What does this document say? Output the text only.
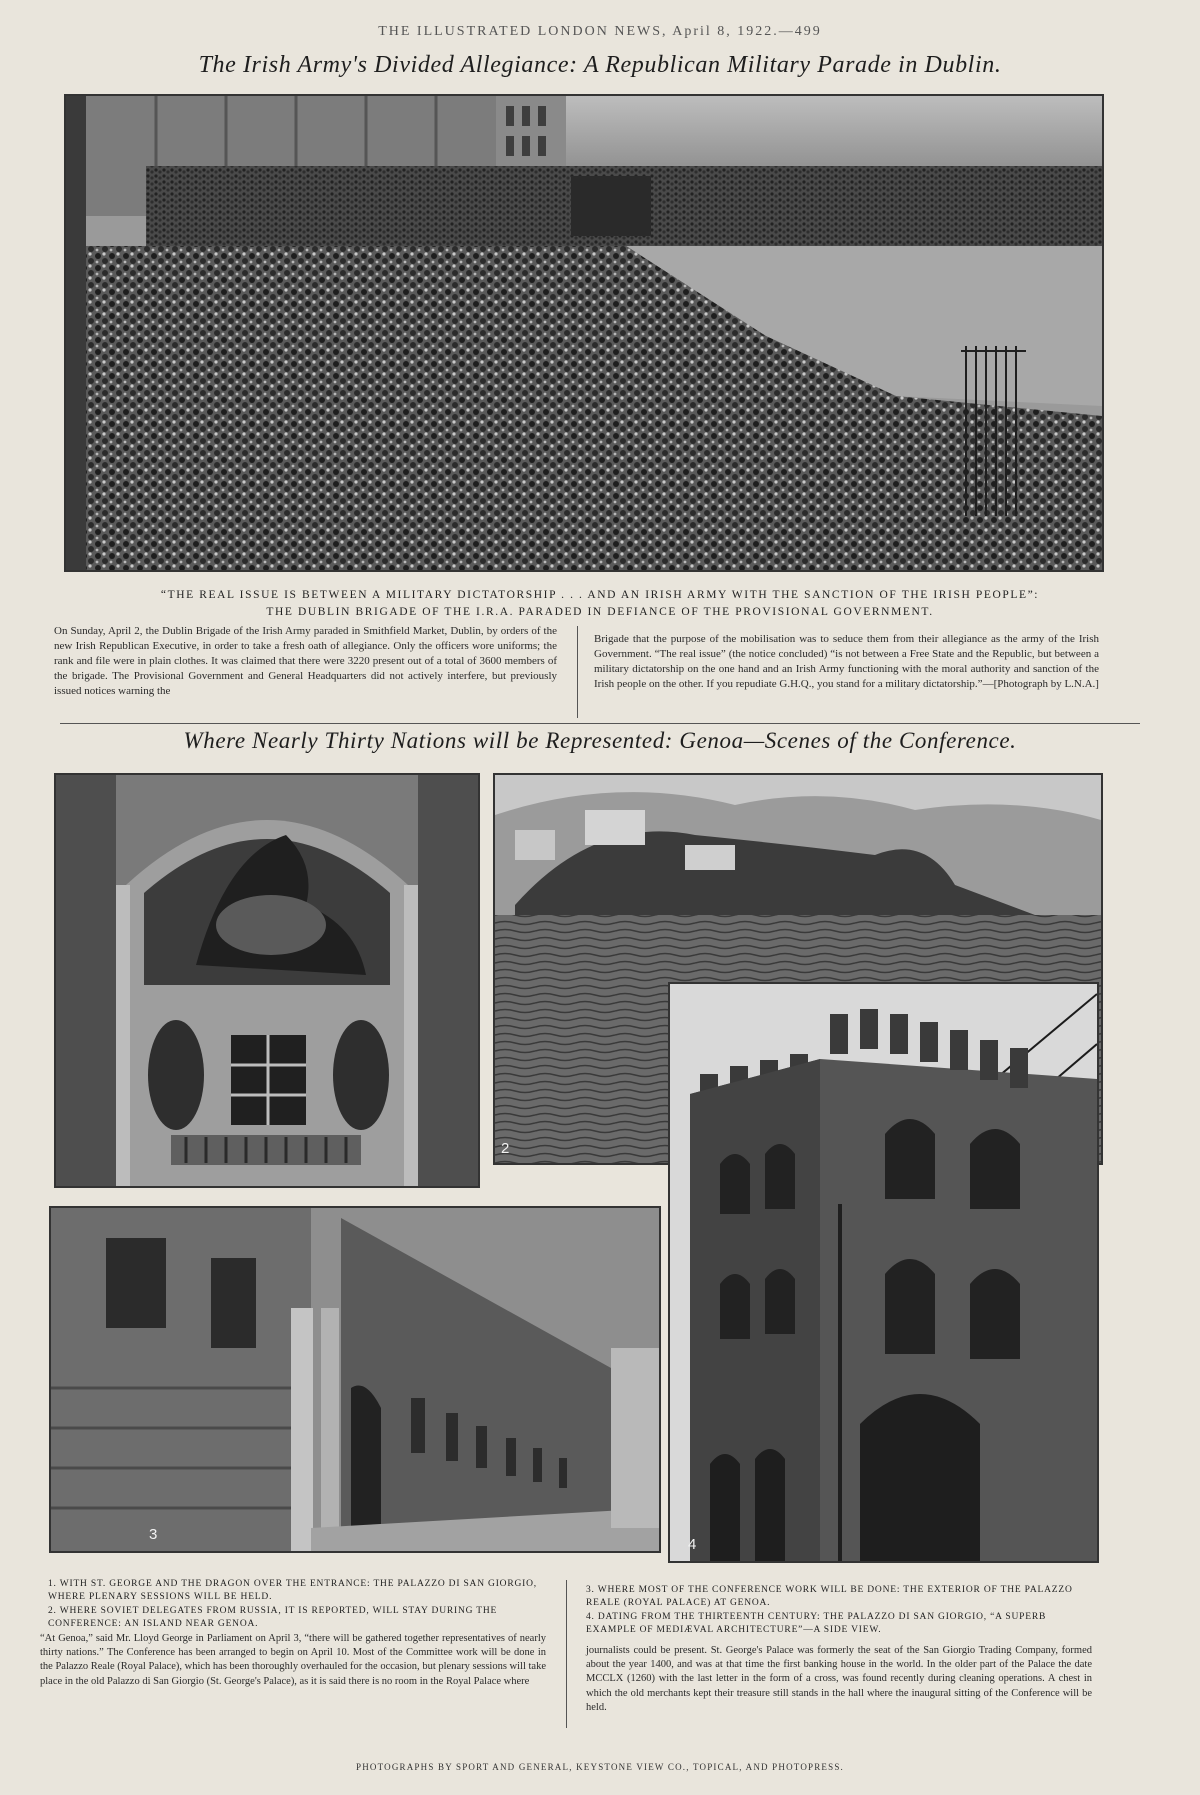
THE ILLUSTRATED LONDON NEWS, April 8, 1922.—499
The Irish Army's Divided Allegiance: A Republican Military Parade in Dublin.
“THE REAL ISSUE IS BETWEEN A MILITARY DICTATORSHIP . . . AND AN IRISH ARMY WITH THE SANCTION OF THE IRISH PEOPLE”:
THE DUBLIN BRIGADE OF THE I.R.A. PARADED IN DEFIANCE OF THE PROVISIONAL GOVERNMENT.
On Sunday, April 2, the Dublin Brigade of the Irish Army paraded in Smithfield Market, Dublin, by orders of the new Irish Republican Executive, in order to take a fresh oath of allegiance. Only the officers wore uniforms; the rank and file were in plain clothes. It was claimed that there were 3220 present out of a total of 3600 members of the brigade. The Provisional Government and General Headquarters did not actively interfere, but previously issued notices warning the
Brigade that the purpose of the mobilisation was to seduce them from their allegiance as the army of the Irish Government. “The real issue” (the notice concluded) “is not between a Free State and the Republic, but between a military dictatorship on the one hand and an Irish Army functioning with the moral authority and sanction of the Irish people on the other. If you repudiate G.H.Q., you stand for a military dictatorship.”—[Photograph by L.N.A.]
Where Nearly Thirty Nations will be Represented: Genoa—Scenes of the Conference.
2
3
4
1. WITH ST. GEORGE AND THE DRAGON OVER THE ENTRANCE: THE PALAZZO DI SAN GIORGIO, WHERE PLENARY SESSIONS WILL BE HELD.
2. WHERE SOVIET DELEGATES FROM RUSSIA, IT IS REPORTED, WILL STAY DURING THE CONFERENCE: AN ISLAND NEAR GENOA.
3. WHERE MOST OF THE CONFERENCE WORK WILL BE DONE: THE EXTERIOR OF THE PALAZZO REALE (ROYAL PALACE) AT GENOA.
4. DATING FROM THE THIRTEENTH CENTURY: THE PALAZZO DI SAN GIORGIO, “A SUPERB EXAMPLE OF MEDIÆVAL ARCHITECTURE”—A SIDE VIEW.
“At Genoa,” said Mr. Lloyd George in Parliament on April 3, “there will be gathered together representatives of nearly thirty nations.” The Conference has been arranged to begin on April 10. Most of the Committee work will be done in the Palazzo Reale (Royal Palace), which has been thoroughly overhauled for the occasion, but plenary sessions will take place in the old Palazzo di San Giorgio (St. George's Palace), as it is said there is no room in the Royal Palace where
journalists could be present. St. George's Palace was formerly the seat of the San Giorgio Trading Company, formed about the year 1400, and was at that time the first banking house in the world. In the older part of the Palace the date MCCLX (1260) with the last letter in the form of a cross, was found recently during cleaning operations. A chest in which the old merchants kept their treasure still stands in the hall where the inaugural sitting of the Conference will be held.
PHOTOGRAPHS BY SPORT AND GENERAL, KEYSTONE VIEW CO., TOPICAL, AND PHOTOPRESS.
